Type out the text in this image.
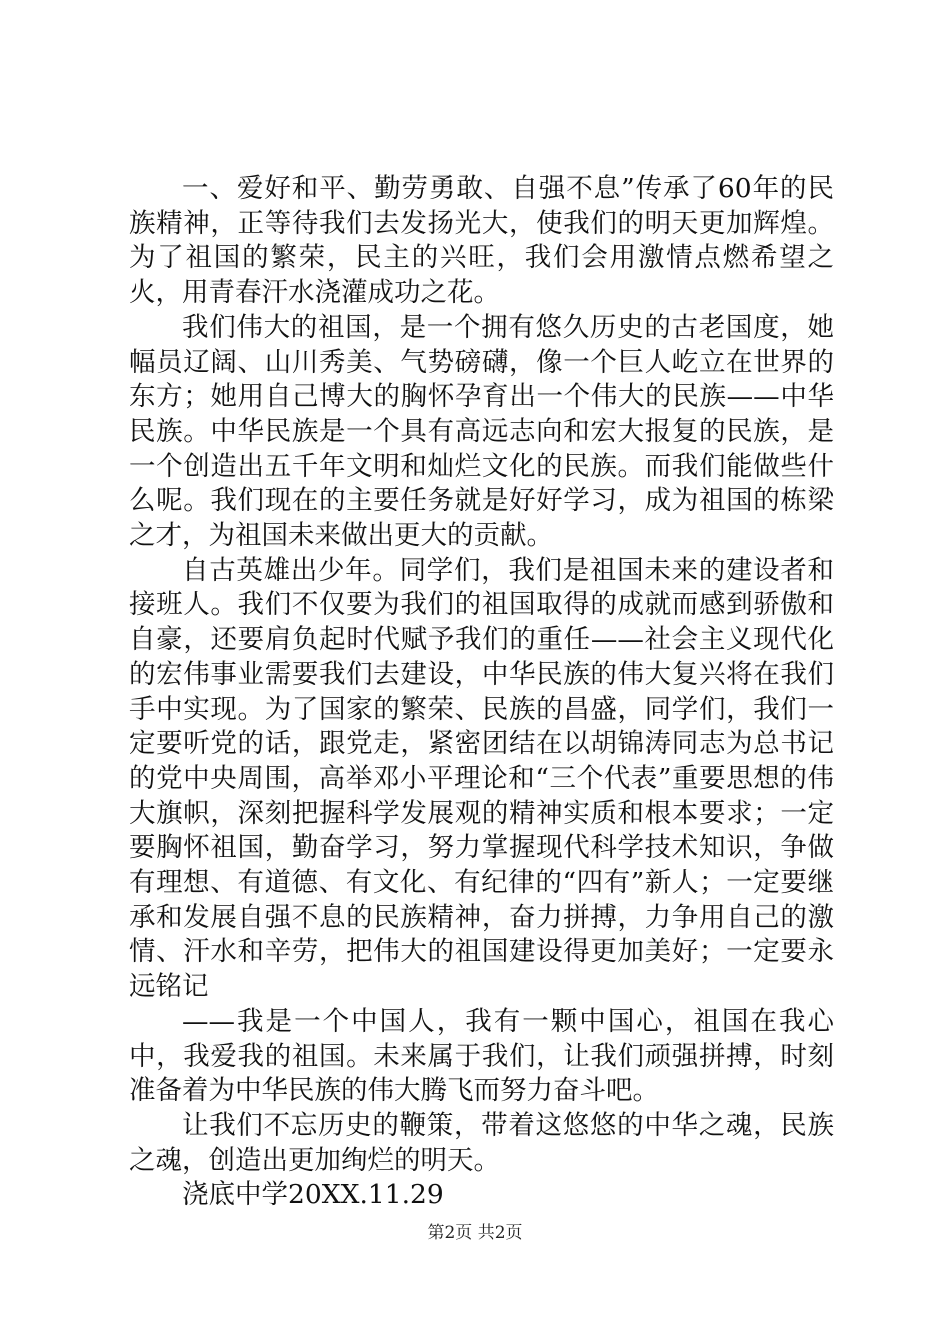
一、爱好和平、勤劳勇敢、自强不息”传承了60年的民族精神，正等待我们去发扬光大，使我们的明天更加辉煌。为了祖国的繁荣，民主的兴旺，我们会用激情点燃希望之火，用青春汗水浇灌成功之花。

我们伟大的祖国，是一个拥有悠久历史的古老国度，她幅员辽阔、山川秀美、气势磅礴，像一个巨人屹立在世界的东方；她用自己博大的胸怀孕育出一个伟大的民族——中华民族。中华民族是一个具有高远志向和宏大报复的民族，是一个创造出五千年文明和灿烂文化的民族。而我们能做些什么呢。我们现在的主要任务就是好好学习，成为祖国的栋梁之才，为祖国未来做出更大的贡献。

自古英雄出少年。同学们，我们是祖国未来的建设者和接班人。我们不仅要为我们的祖国取得的成就而感到骄傲和自豪，还要肩负起时代赋予我们的重任——社会主义现代化的宏伟事业需要我们去建设，中华民族的伟大复兴将在我们手中实现。为了国家的繁荣、民族的昌盛，同学们，我们一定要听党的话，跟党走，紧密团结在以胡锦涛同志为总书记的党中央周围，高举邓小平理论和“三个代表”重要思想的伟大旗帜，深刻把握科学发展观的精神实质和根本要求；一定要胸怀祖国，勤奋学习，努力掌握现代科学技术知识，争做有理想、有道德、有文化、有纪律的“四有”新人；一定要继承和发展自强不息的民族精神，奋力拼搏，力争用自己的激情、汗水和辛劳，把伟大的祖国建设得更加美好；一定要永远铭记

——我是一个中国人，我有一颗中国心，祖国在我心中，我爱我的祖国。未来属于我们，让我们顽强拼搏，时刻准备着为中华民族的伟大腾飞而努力奋斗吧。

让我们不忘历史的鞭策，带着这悠悠的中华之魂，民族之魂，创造出更加绚烂的明天。

浇底中学20XX.11.29

第2页 共2页
